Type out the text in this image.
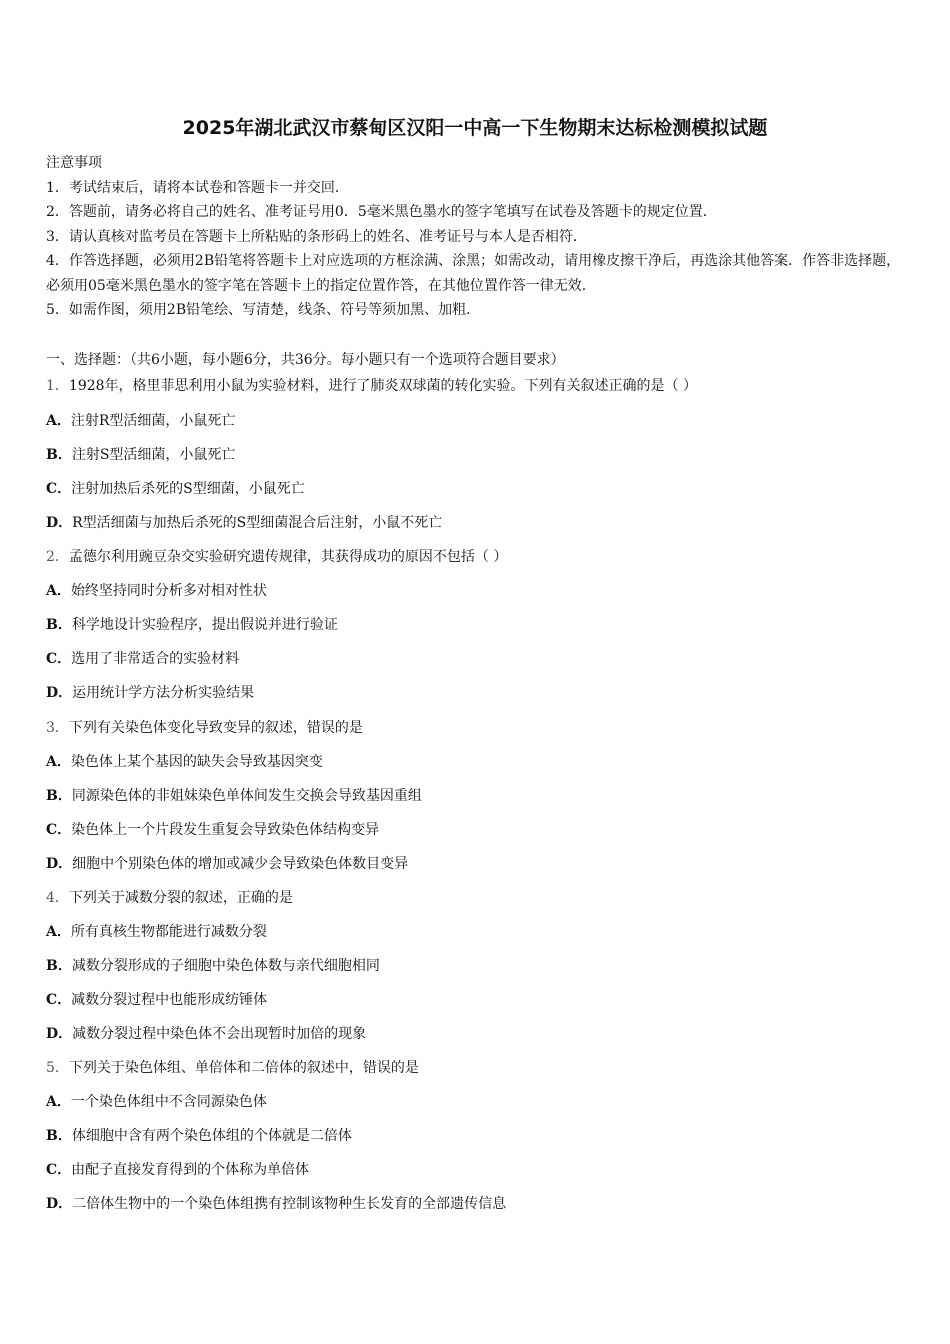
2025年湖北武汉市蔡甸区汉阳一中高一下生物期末达标检测模拟试题

注意事项

1．考试结束后，请将本试卷和答题卡一并交回．

2．答题前，请务必将自己的姓名、准考证号用0．5毫米黑色墨水的签字笔填写在试卷及答题卡的规定位置．

3．请认真核对监考员在答题卡上所粘贴的条形码上的姓名、准考证号与本人是否相符．

4．作答选择题，必须用2B铅笔将答题卡上对应选项的方框涂满、涂黑；如需改动，请用橡皮擦干净后，再选涂其他答案．作答非选择题，必须用05毫米黑色墨水的签字笔在答题卡上的指定位置作答，在其他位置作答一律无效．

5．如需作图，须用2B铅笔绘、写清楚，线条、符号等须加黑、加粗．

一、选择题：（共6小题，每小题6分，共36分。每小题只有一个选项符合题目要求）
1．1928年，格里菲思利用小鼠为实验材料，进行了肺炎双球菌的转化实验。下列有关叙述正确的是（ ）
A．注射R型活细菌，小鼠死亡
B．注射S型活细菌，小鼠死亡
C．注射加热后杀死的S型细菌，小鼠死亡
D．R型活细菌与加热后杀死的S型细菌混合后注射，小鼠不死亡
2．孟德尔利用豌豆杂交实验研究遗传规律，其获得成功的原因不包括（ ）
A．始终坚持同时分析多对相对性状
B．科学地设计实验程序，提出假说并进行验证
C．选用了非常适合的实验材料
D．运用统计学方法分析实验结果
3．下列有关染色体变化导致变异的叙述，错误的是
A．染色体上某个基因的缺失会导致基因突变
B．同源染色体的非姐妹染色单体间发生交换会导致基因重组
C．染色体上一个片段发生重复会导致染色体结构变异
D．细胞中个别染色体的增加或减少会导致染色体数目变异
4．下列关于减数分裂的叙述，正确的是
A．所有真核生物都能进行减数分裂
B．减数分裂形成的子细胞中染色体数与亲代细胞相同
C．减数分裂过程中也能形成纺锤体
D．减数分裂过程中染色体不会出现暂时加倍的现象
5．下列关于染色体组、单倍体和二倍体的叙述中，错误的是
A．一个染色体组中不含同源染色体
B．体细胞中含有两个染色体组的个体就是二倍体
C．由配子直接发育得到的个体称为单倍体
D．二倍体生物中的一个染色体组携有控制该物种生长发育的全部遗传信息
